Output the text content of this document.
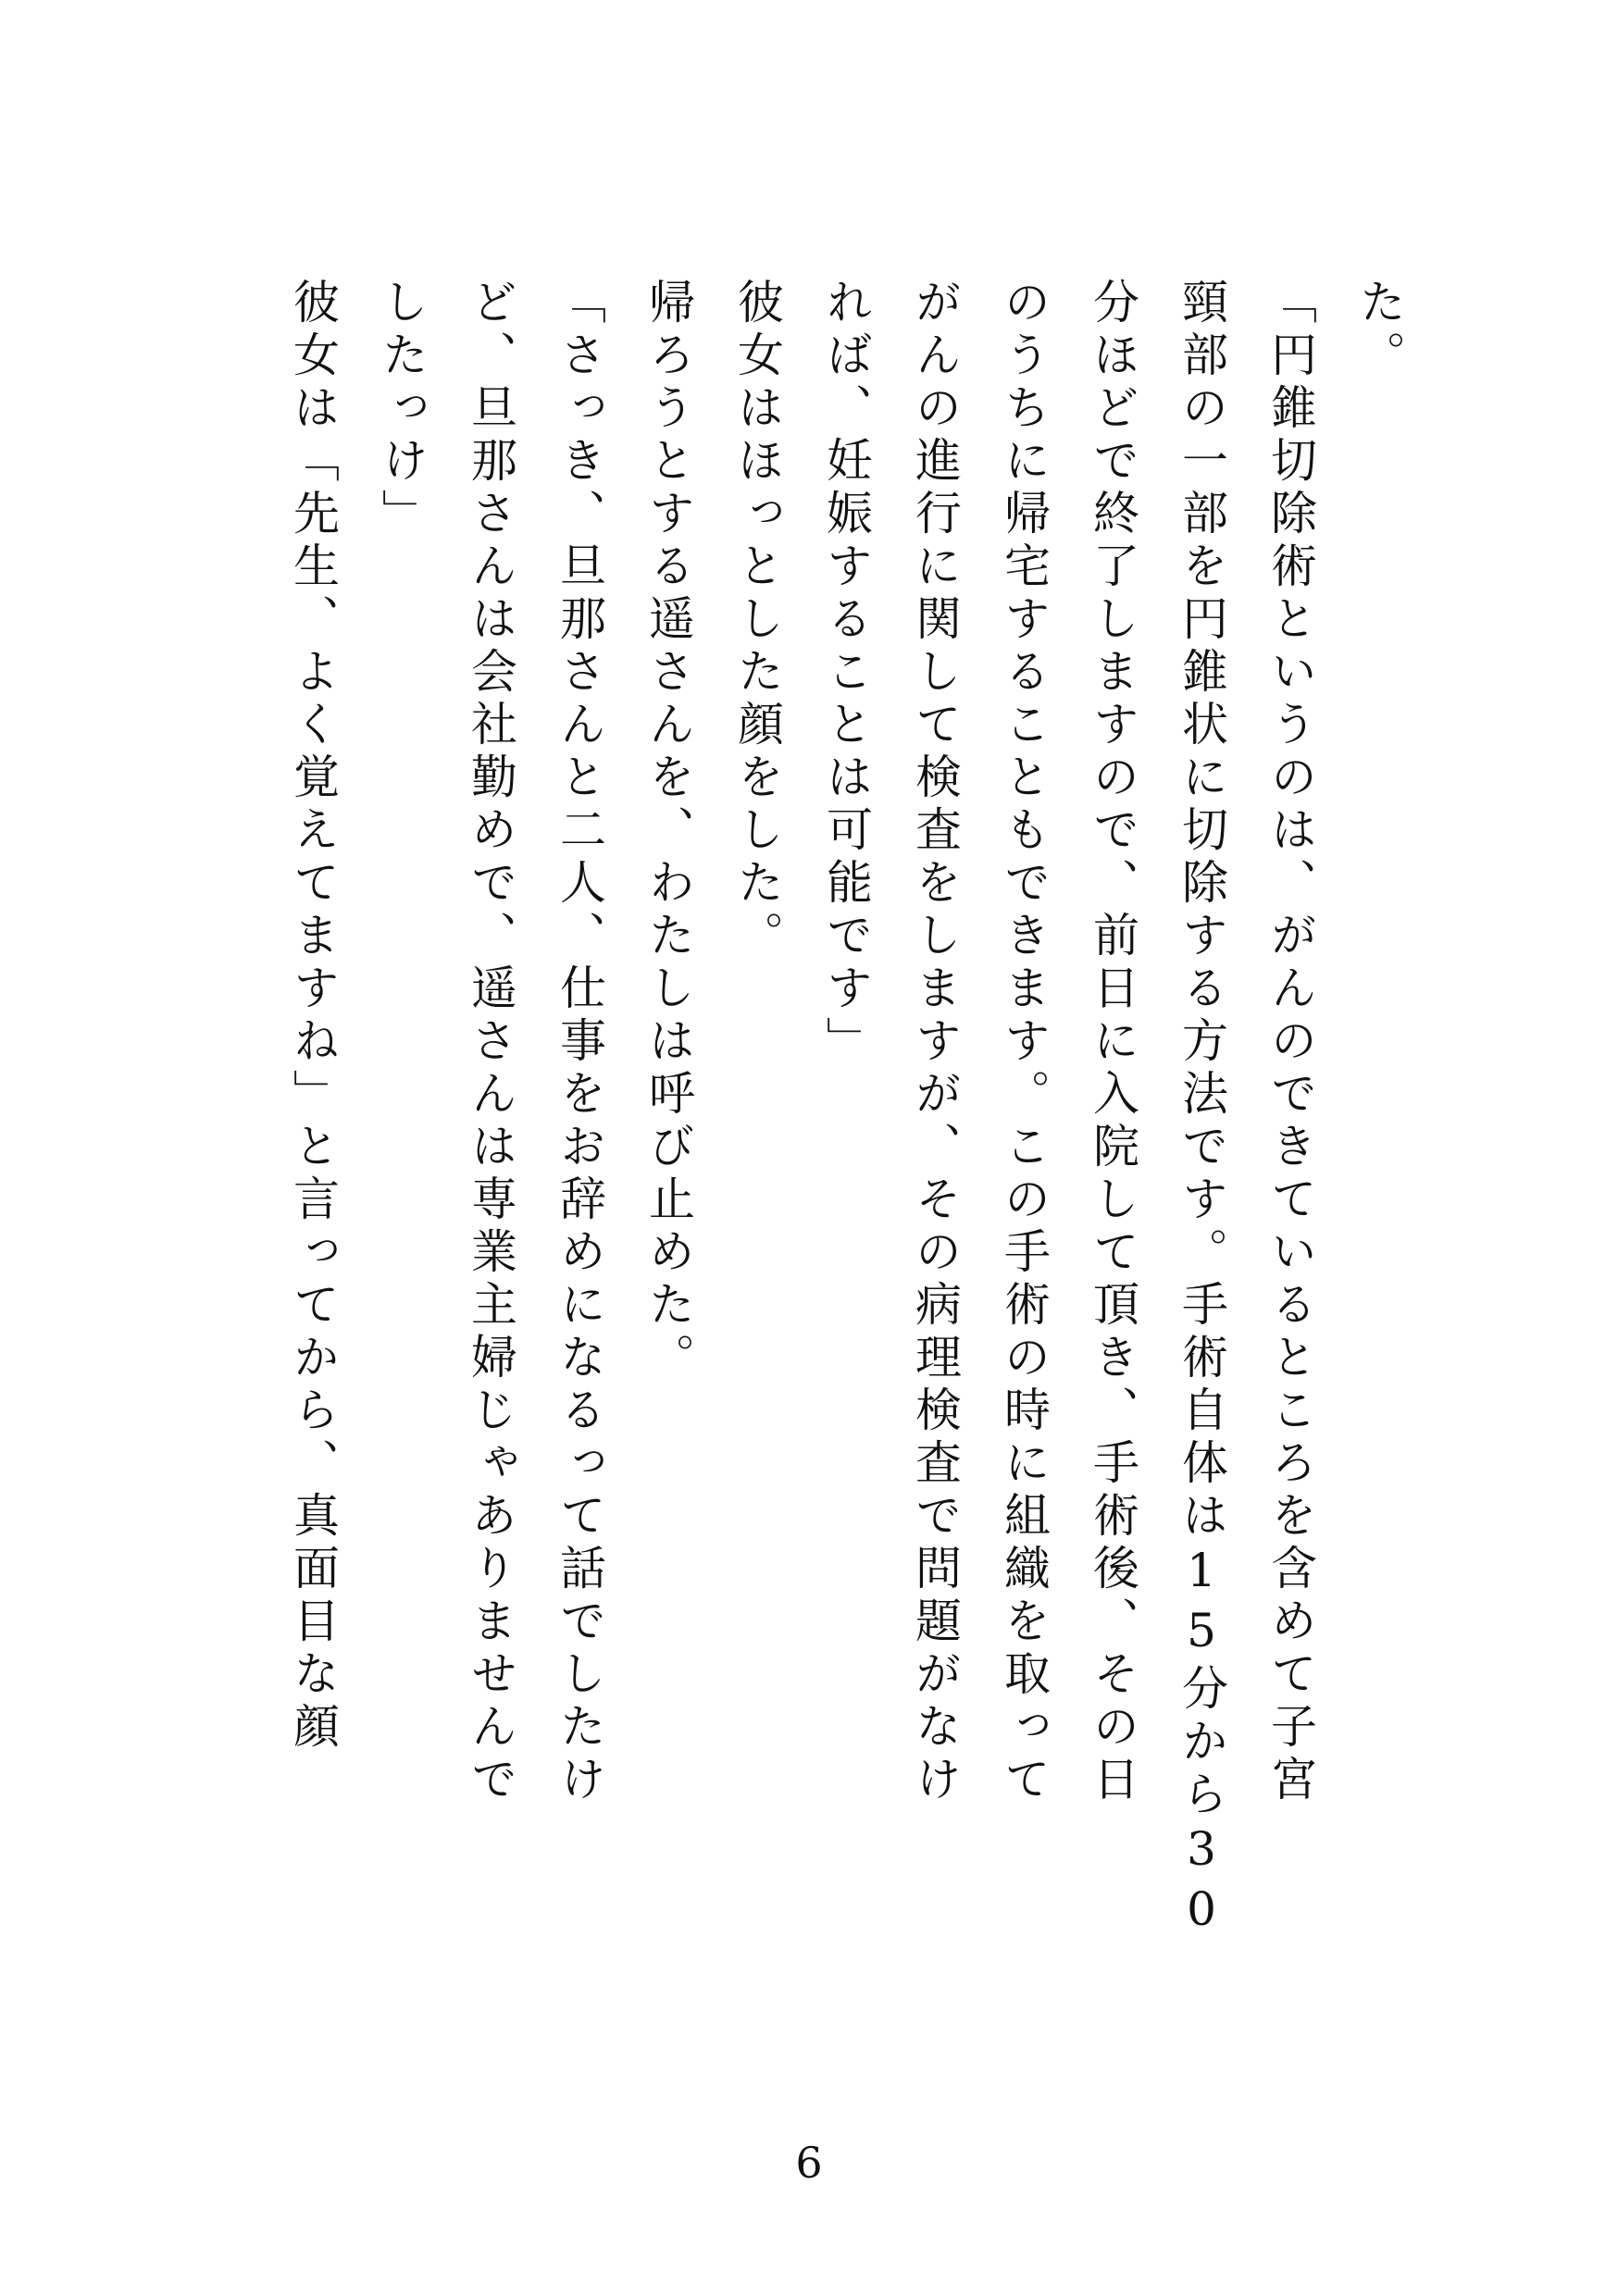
た。
「円錐切除術というのは、がんのできているところを含めて子宮
頸部の一部を円錐状に切除する方法です。手術自体は15分から30
分ほどで終了しますので、前日に入院して頂き、手術後、その日
のうちに帰宅することもできます。この手術の時に組織を取って
がんの進行に関して検査をしますが、その病理検査で問題がなけ
れば、妊娠することは可能です」
彼女はほっとした顔をした。
帰ろうとする遥さんを、わたしは呼び止めた。
「さっき、旦那さんと二人、仕事をお辞めになるって話でしたけ
ど、旦那さんは会社勤めで、遥さんは専業主婦じゃありませんで
したっけ」
彼女は「先生、よく覚えてますね」と言ってから、真面目な顔
6
